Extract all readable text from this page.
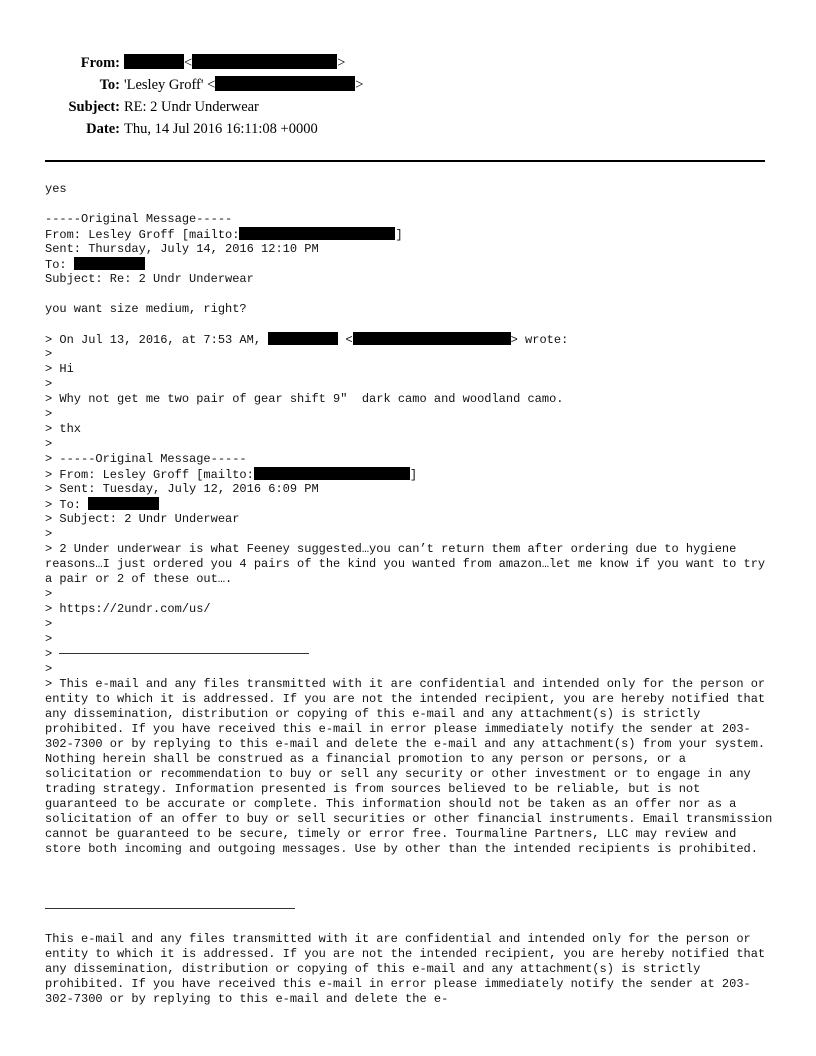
From:	<	>
To: 'Lesley Groff' <	>
Subject: RE: 2 Undr Underwear
Date: Thu, 14 Jul 2016 16:11:08 +0000
yes
-----Original Message-----
From: Lesley Groff [mailto:	]
Sent: Thursday, July 14, 2016 12:10 PM
To:
Subject: Re: 2 Undr Underwear
you want size medium, right?
> On Jul 13, 2016, at 7:53 AM,	<	> wrote:
>
> Hi
>
> Why not get me two pair of gear shift 9"  dark camo and woodland camo.
>
> thx
>
> -----Original Message-----
> From: Lesley Groff [mailto:	]
> Sent: Tuesday, July 12, 2016 6:09 PM
> To:
> Subject: 2 Undr Underwear
>
> 2 Under underwear is what Feeney suggested…you can’t return them after ordering due to hygiene reasons…I just ordered you 4 pairs of the kind you wanted from amazon…let me know if you want to try a pair or 2 of these out….
>
> https://2undr.com/us/
>
>
>
>
> This e-mail and any files transmitted with it are confidential and intended only for the person or entity to which it is addressed. If you are not the intended recipient, you are hereby notified that any dissemination, distribution or copying of this e-mail and any attachment(s) is strictly prohibited. If you have received this e-mail in error please immediately notify the sender at 203-302-7300 or by replying to this e-mail and delete the e-mail and any attachment(s) from your system. Nothing herein shall be construed as a financial promotion to any person or persons, or a solicitation or recommendation to buy or sell any security or other investment or to engage in any trading strategy. Information presented is from sources believed to be reliable, but is not guaranteed to be accurate or complete. This information should not be taken as an offer nor as a solicitation of an offer to buy or sell securities or other financial instruments. Email transmission cannot be guaranteed to be secure, timely or error free. Tourmaline Partners, LLC may review and store both incoming and outgoing messages. Use by other than the intended recipients is prohibited.
This e-mail and any files transmitted with it are confidential and intended only for the person or entity to which it is addressed. If you are not the intended recipient, you are hereby notified that any dissemination, distribution or copying of this e-mail and any attachment(s) is strictly prohibited. If you have received this e-mail in error please immediately notify the sender at 203-302-7300 or by replying to this e-mail and delete the e-
